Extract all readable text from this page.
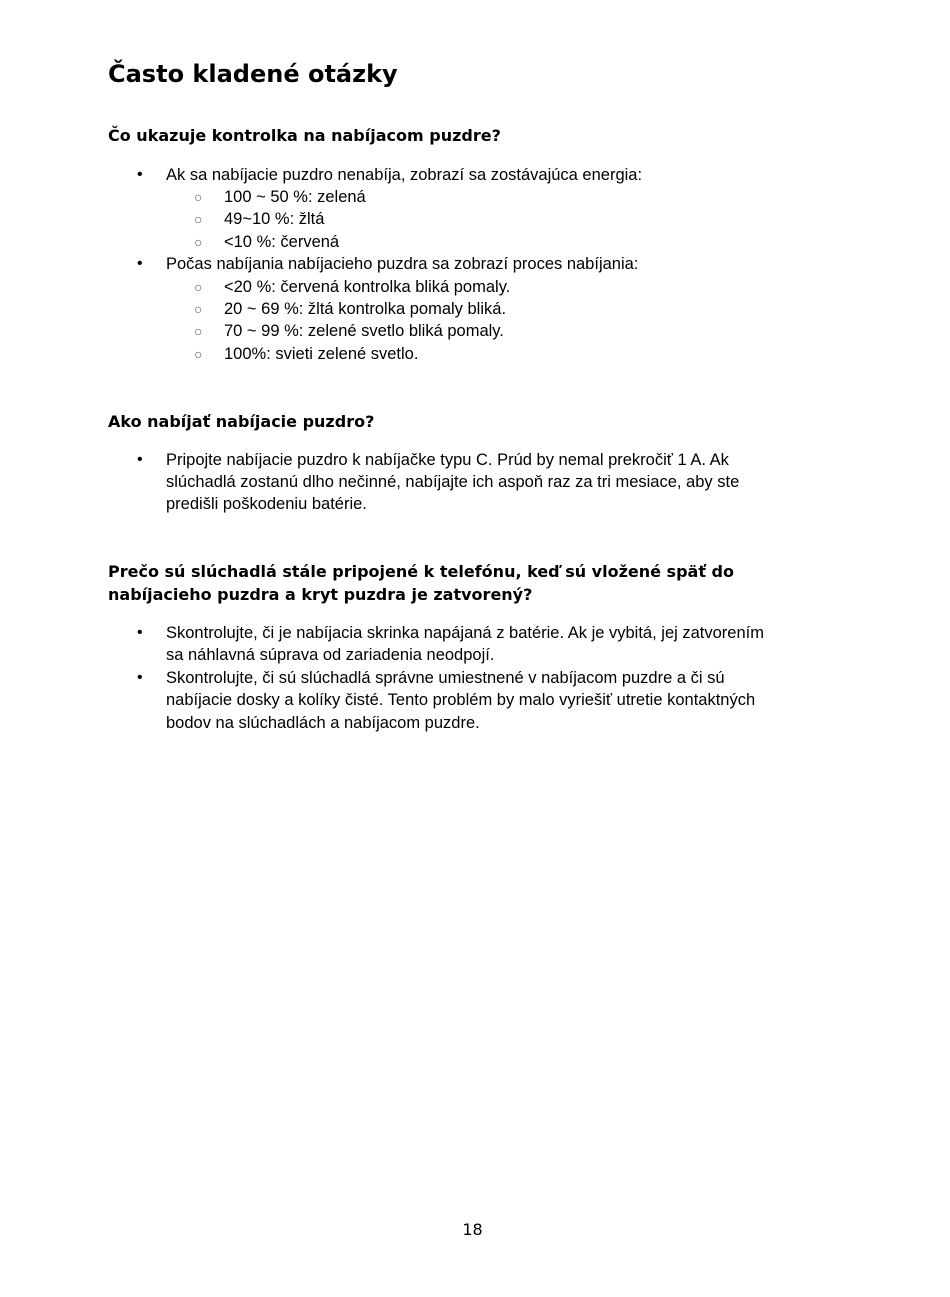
Často kladené otázky
Čo ukazuje kontrolka na nabíjacom puzdre?
•	Ak sa nabíjacie puzdro nenabíja, zobrazí sa zostávajúca energia:
○ 100 ~ 50 %: zelená
○ 49~10 %: žltá
○ <10 %: červená
•	Počas nabíjania nabíjacieho puzdra sa zobrazí proces nabíjania:
○ <20 %: červená kontrolka bliká pomaly.
○ 20 ~ 69 %: žltá kontrolka pomaly bliká.
○ 70 ~ 99 %: zelené svetlo bliká pomaly.
○ 100%: svieti zelené svetlo.
Ako nabíjať nabíjacie puzdro?
•	Pripojte nabíjacie puzdro k nabíjačke typu C. Prúd by nemal prekročiť 1 A. Ak
slúchadlá zostanú dlho nečinné, nabíjajte ich aspoň raz za tri mesiace, aby ste
predišli poškodeniu batérie.
Prečo sú slúchadlá stále pripojené k telefónu, keď sú vložené späť do
nabíjacieho puzdra a kryt puzdra je zatvorený?
•	Skontrolujte, či je nabíjacia skrinka napájaná z batérie. Ak je vybitá, jej zatvorením
sa náhlavná súprava od zariadenia neodpojí.
•	Skontrolujte, či sú slúchadlá správne umiestnené v nabíjacom puzdre a či sú
nabíjacie dosky a kolíky čisté. Tento problém by malo vyriešiť utretie kontaktných
bodov na slúchadlách a nabíjacom puzdre.
18
